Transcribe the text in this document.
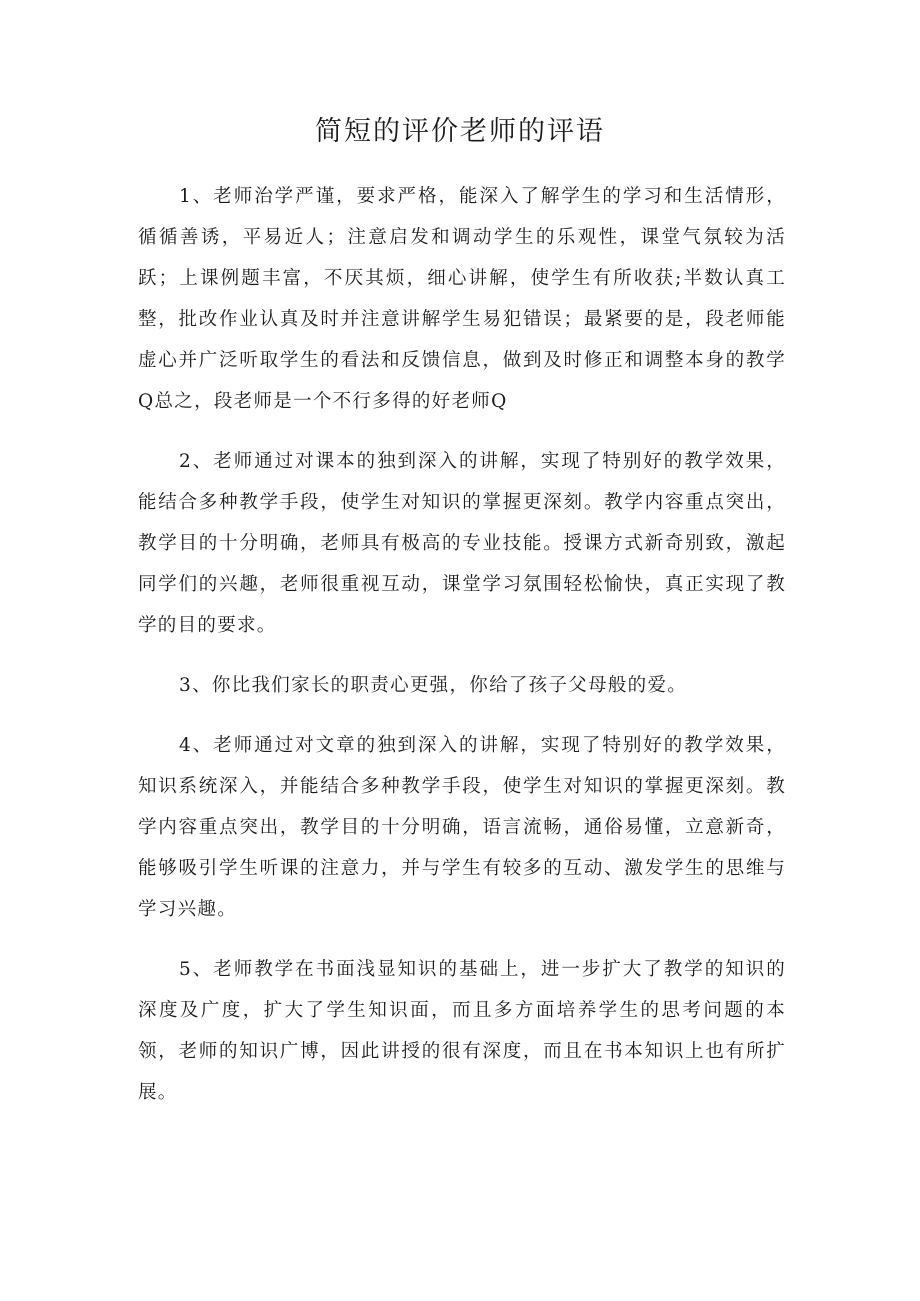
简短的评价老师的评语

1、老师治学严谨，要求严格，能深入了解学生的学习和生活情形，循循善诱，平易近人；注意启发和调动学生的乐观性，课堂气氛较为活跃；上课例题丰富，不厌其烦，细心讲解，使学生有所收获;半数认真工整，批改作业认真及时并注意讲解学生易犯错误；最紧要的是，段老师能虚心并广泛听取学生的看法和反馈信息，做到及时修正和调整本身的教学Q总之，段老师是一个不行多得的好老师Q

2、老师通过对课本的独到深入的讲解，实现了特别好的教学效果，能结合多种教学手段，使学生对知识的掌握更深刻。教学内容重点突出，教学目的十分明确，老师具有极高的专业技能。授课方式新奇别致，激起同学们的兴趣，老师很重视互动，课堂学习氛围轻松愉快，真正实现了教学的目的要求。

3、你比我们家长的职责心更强，你给了孩子父母般的爱。

4、老师通过对文章的独到深入的讲解，实现了特别好的教学效果，知识系统深入，并能结合多种教学手段，使学生对知识的掌握更深刻。教学内容重点突出，教学目的十分明确，语言流畅，通俗易懂，立意新奇，能够吸引学生听课的注意力，并与学生有较多的互动、激发学生的思维与学习兴趣。

5、老师教学在书面浅显知识的基础上，进一步扩大了教学的知识的深度及广度，扩大了学生知识面，而且多方面培养学生的思考问题的本领，老师的知识广博，因此讲授的很有深度，而且在书本知识上也有所扩展。
